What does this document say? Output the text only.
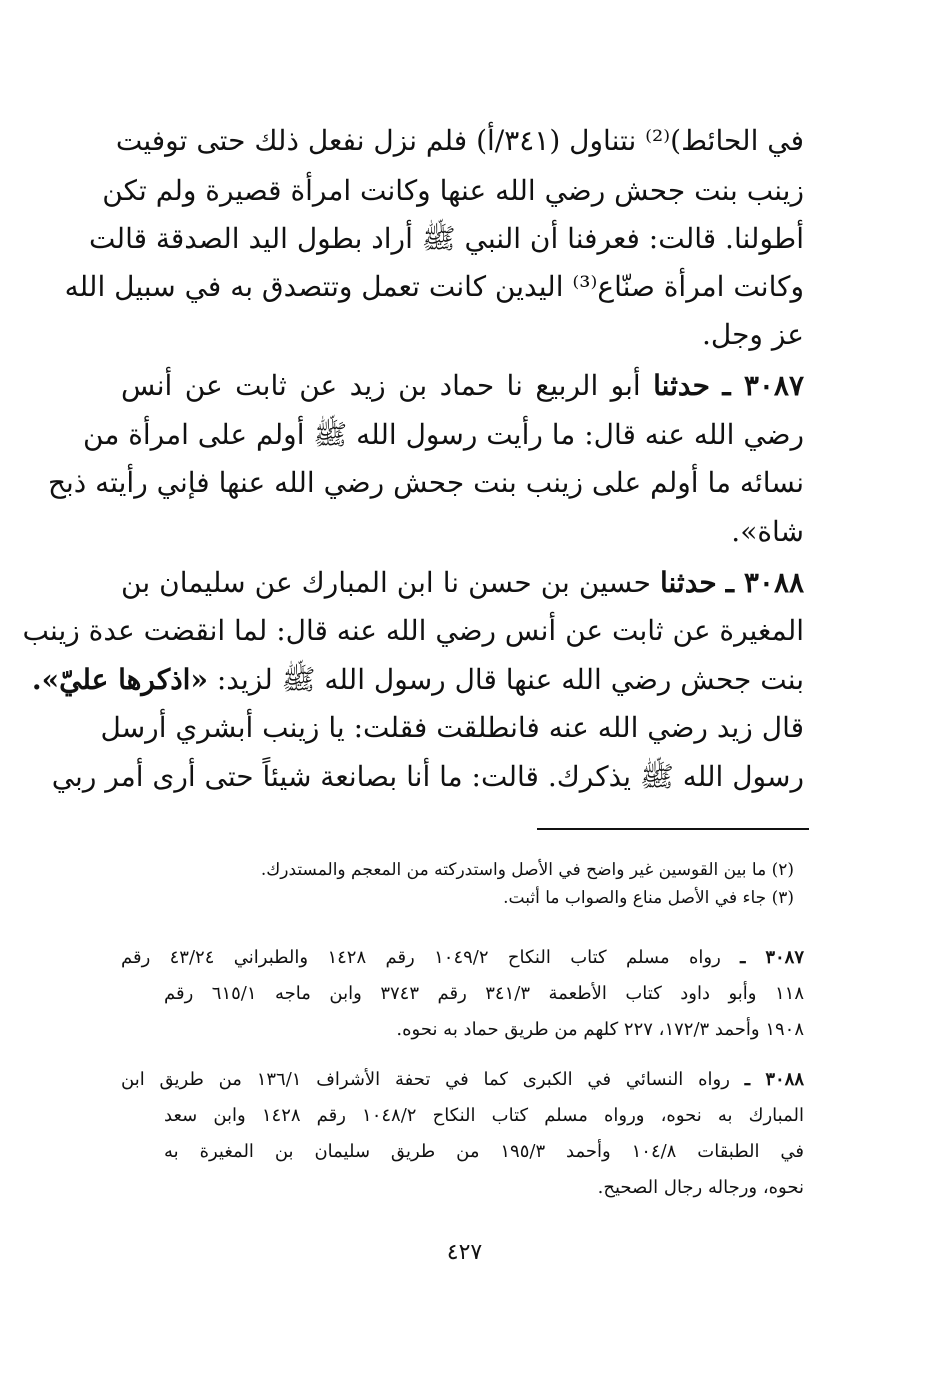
في الحائط)⁽²⁾ نتناول (٣٤١/أ) فلم نزل نفعل ذلك حتى توفيت
زينب بنت جحش رضي الله عنها وكانت امرأة قصيرة ولم تكن
أطولنا. قالت: فعرفنا أن النبي ﷺ أراد بطول اليد الصدقة قالت
وكانت امرأة صنّاع⁽³⁾ اليدين كانت تعمل وتتصدق به في سبيل الله
عز وجل.
٣٠٨٧ ـ حدثنا أبو الربيع نا حماد بن زيد عن ثابت عن أنس
رضي الله عنه قال: ما رأيت رسول الله ﷺ أولم على امرأة من
نسائه ما أولم على زينب بنت جحش رضي الله عنها فإني رأيته ذبح
شاة».
٣٠٨٨ ـ حدثنا حسين بن حسن نا ابن المبارك عن سليمان بن
المغيرة عن ثابت عن أنس رضي الله عنه قال: لما انقضت عدة زينب
بنت جحش رضي الله عنها قال رسول الله ﷺ لزيد: «اذكرها عليّ».
قال زيد رضي الله عنه فانطلقت فقلت: يا زينب أبشري أرسل
رسول الله ﷺ يذكرك. قالت: ما أنا بصانعة شيئاً حتى أرى أمر ربي
(٢) ما بين القوسين غير واضح في الأصل واستدركته من المعجم والمستدرك.
(٣) جاء في الأصل مناع والصواب ما أثبت.
٣٠٨٧ ـ رواه مسلم كتاب النكاح ١٠٤٩/٢ رقم ١٤٢٨ والطبراني ٤٣/٢٤ رقم
١١٨ وأبو داود كتاب الأطعمة ٣٤١/٣ رقم ٣٧٤٣ وابن ماجه ٦١٥/١ رقم
١٩٠٨ وأحمد ١٧٢/٣، ٢٢٧ كلهم من طريق حماد به نحوه.
٣٠٨٨ ـ رواه النسائي في الكبرى كما في تحفة الأشراف ١٣٦/١ من طريق ابن
المبارك به نحوه، ورواه مسلم كتاب النكاح ١٠٤٨/٢ رقم ١٤٢٨ وابن سعد
في الطبقات ١٠٤/٨ وأحمد ١٩٥/٣ من طريق سليمان بن المغيرة به
نحوه، ورجاله رجال الصحيح.
٤٢٧
